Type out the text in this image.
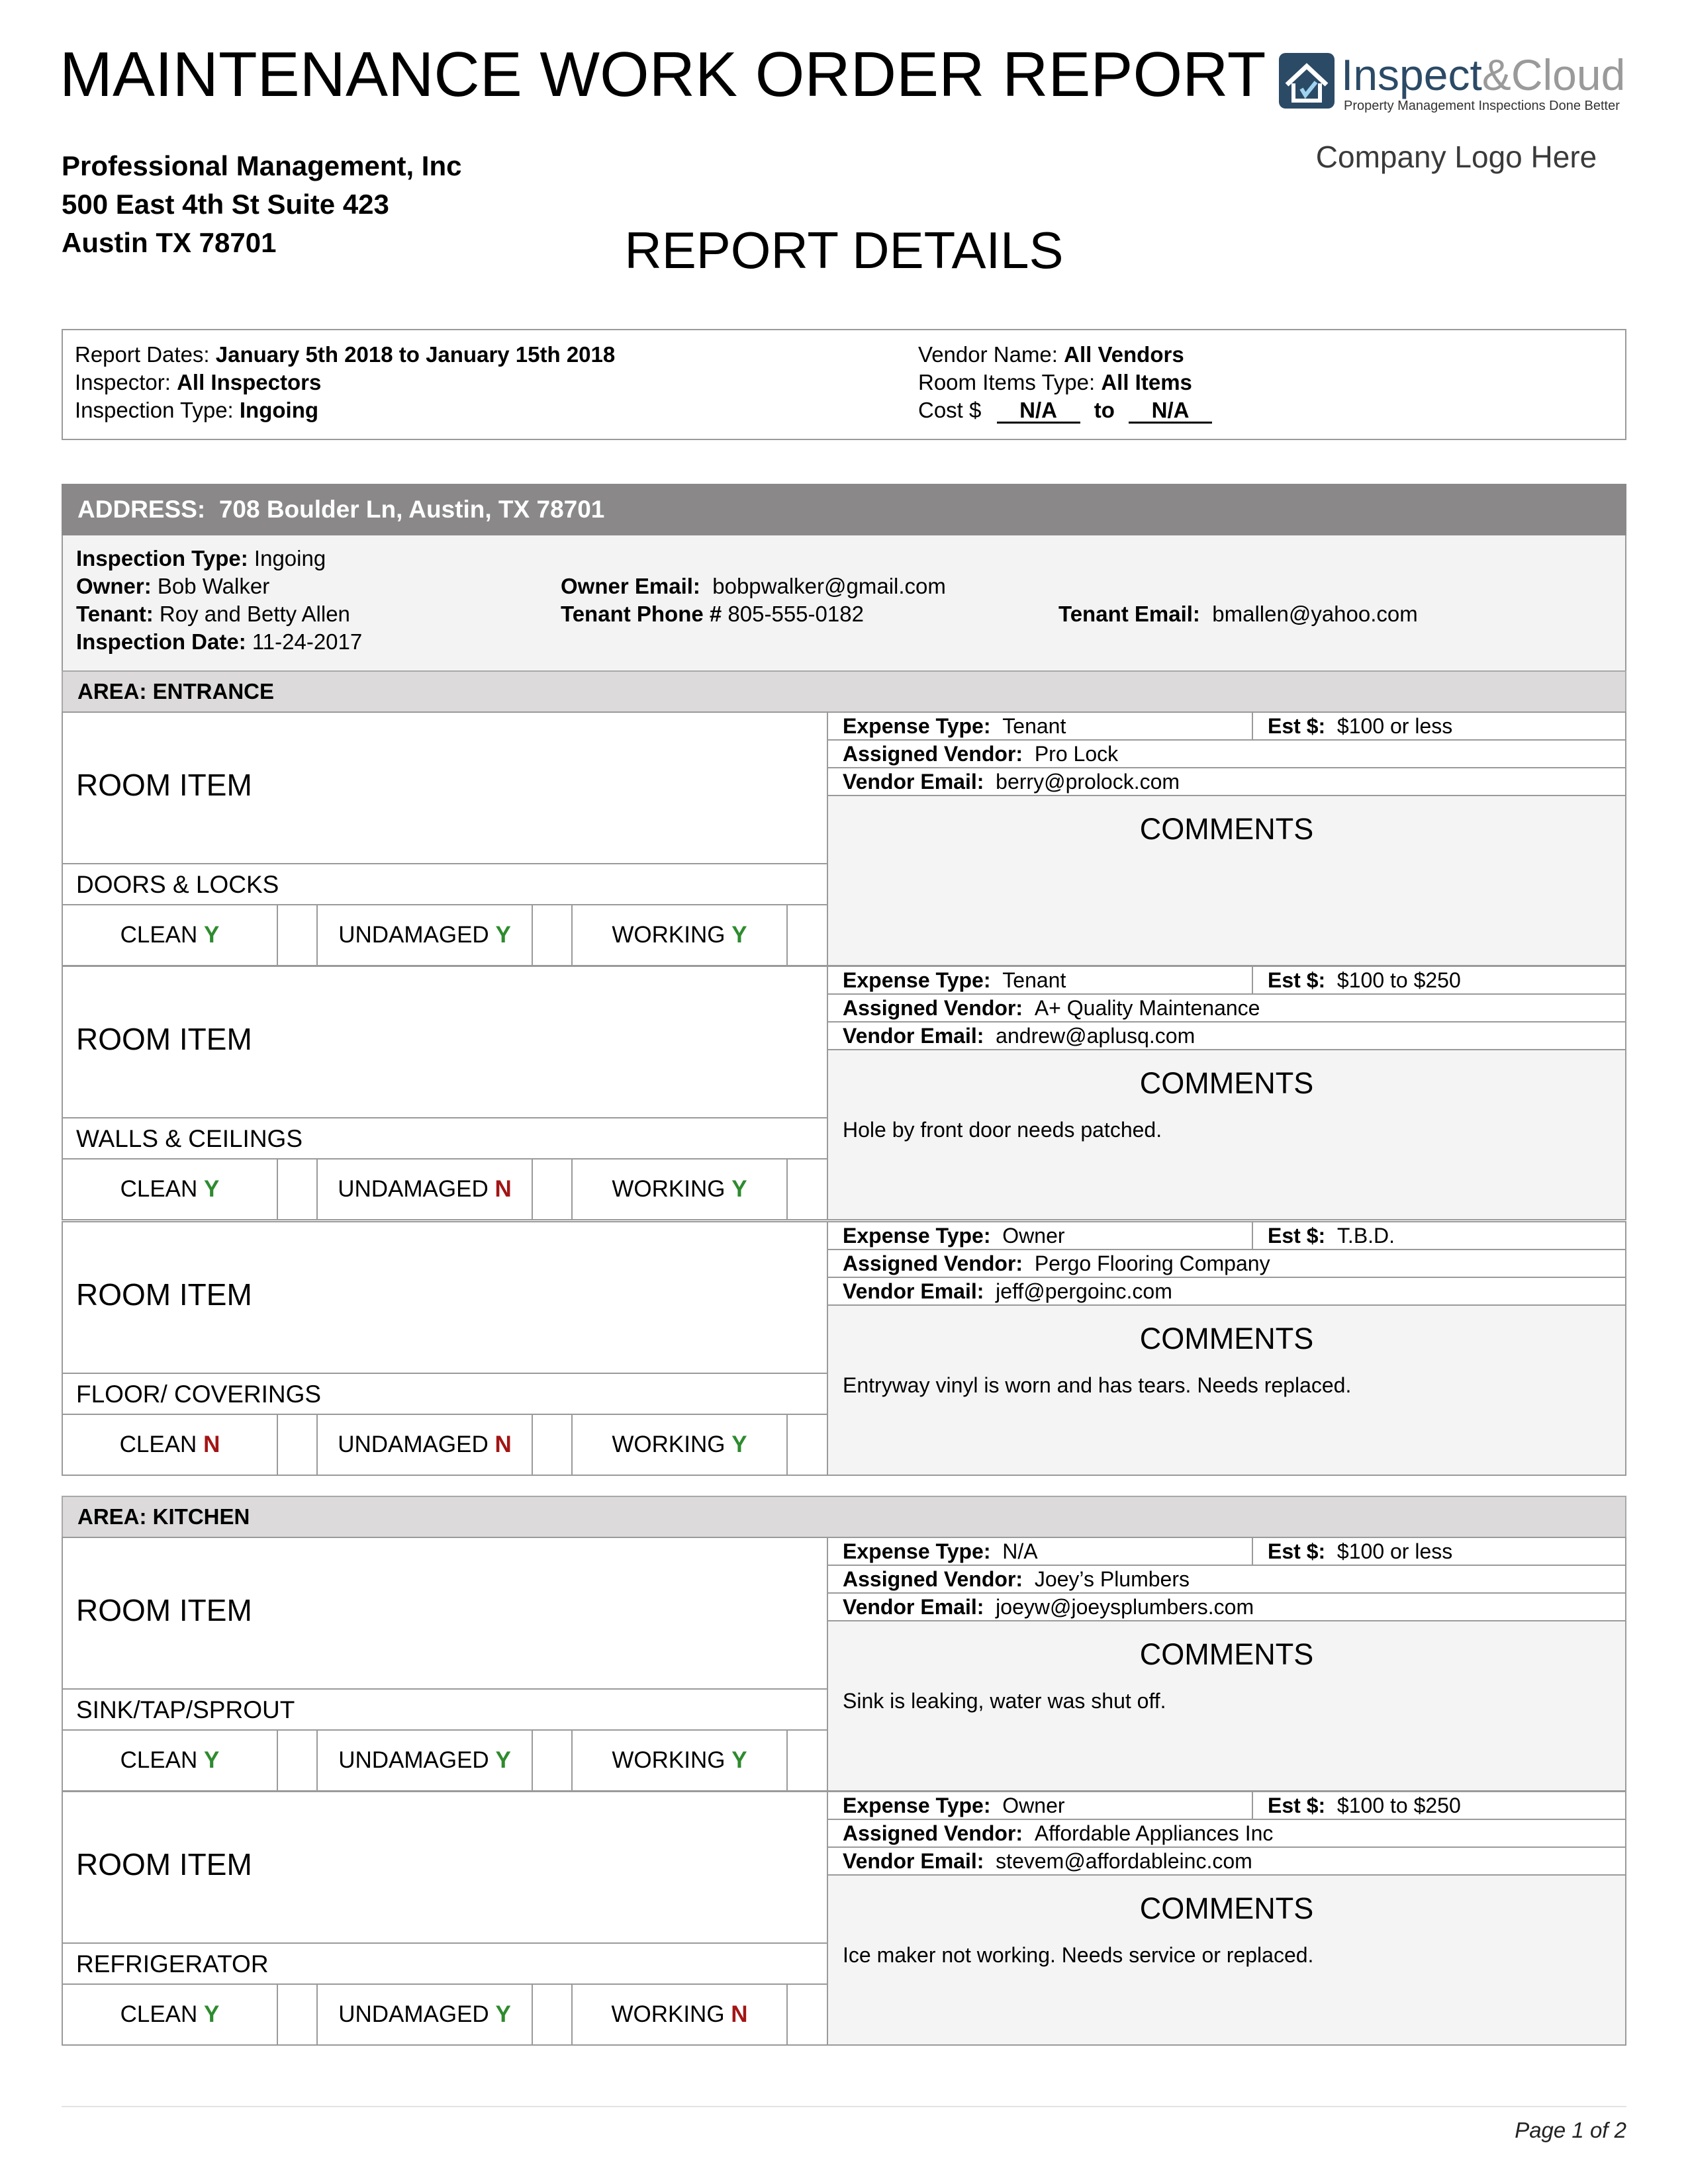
MAINTENANCE WORK ORDER REPORT
Professional Management, Inc
500 East 4th St Suite 423
Austin TX 78701	REPORT DETAILS
Inspect&Cloud
Property Management Inspections Done Better
Company Logo Here
Report Dates: January 5th 2018 to January 15th 2018
Inspector: All Inspectors
Inspection Type: Ingoing
Vendor Name: All Vendors
Room Items Type: All Items
Cost $ N/A to N/A
ADDRESS: 708 Boulder Ln, Austin, TX 78701
Inspection Type: Ingoing
Owner: Bob Walker
Tenant: Roy and Betty Allen
Inspection Date: 11-24-2017
Owner Email: bobpwalker@gmail.com
Tenant Phone # 805-555-0182	Tenant Email: bmallen@yahoo.com
AREA: ENTRANCE
ROOM ITEM
DOORS & LOCKS
CLEAN Y	UNDAMAGED Y	WORKING Y
Expense Type: Tenant	Est $: $100 or less
Assigned Vendor: Pro Lock
Vendor Email: berry@prolock.com
COMMENTS
ROOM ITEM
WALLS & CEILINGS
CLEAN Y	UNDAMAGED N	WORKING Y
Expense Type: Tenant	Est $: $100 to $250
Assigned Vendor: A+ Quality Maintenance
Vendor Email: andrew@aplusq.com
COMMENTS
Hole by front door needs patched.
ROOM ITEM
FLOOR/ COVERINGS
CLEAN N	UNDAMAGED N	WORKING Y
Expense Type: Owner	Est $: T.B.D.
Assigned Vendor: Pergo Flooring Company
Vendor Email: jeff@pergoinc.com
COMMENTS
Entryway vinyl is worn and has tears. Needs replaced.
AREA: KITCHEN
ROOM ITEM
SINK/TAP/SPROUT
CLEAN Y	UNDAMAGED Y	WORKING Y
Expense Type: N/A	Est $: $100 or less
Assigned Vendor: Joey’s Plumbers
Vendor Email: joeyw@joeysplumbers.com
COMMENTS
Sink is leaking, water was shut off.
ROOM ITEM
REFRIGERATOR
CLEAN Y	UNDAMAGED Y	WORKING N
Expense Type: Owner	Est $: $100 to $250
Assigned Vendor: Affordable Appliances Inc
Vendor Email: stevem@affordableinc.com
COMMENTS
Ice maker not working. Needs service or replaced.
Page 1 of 2
